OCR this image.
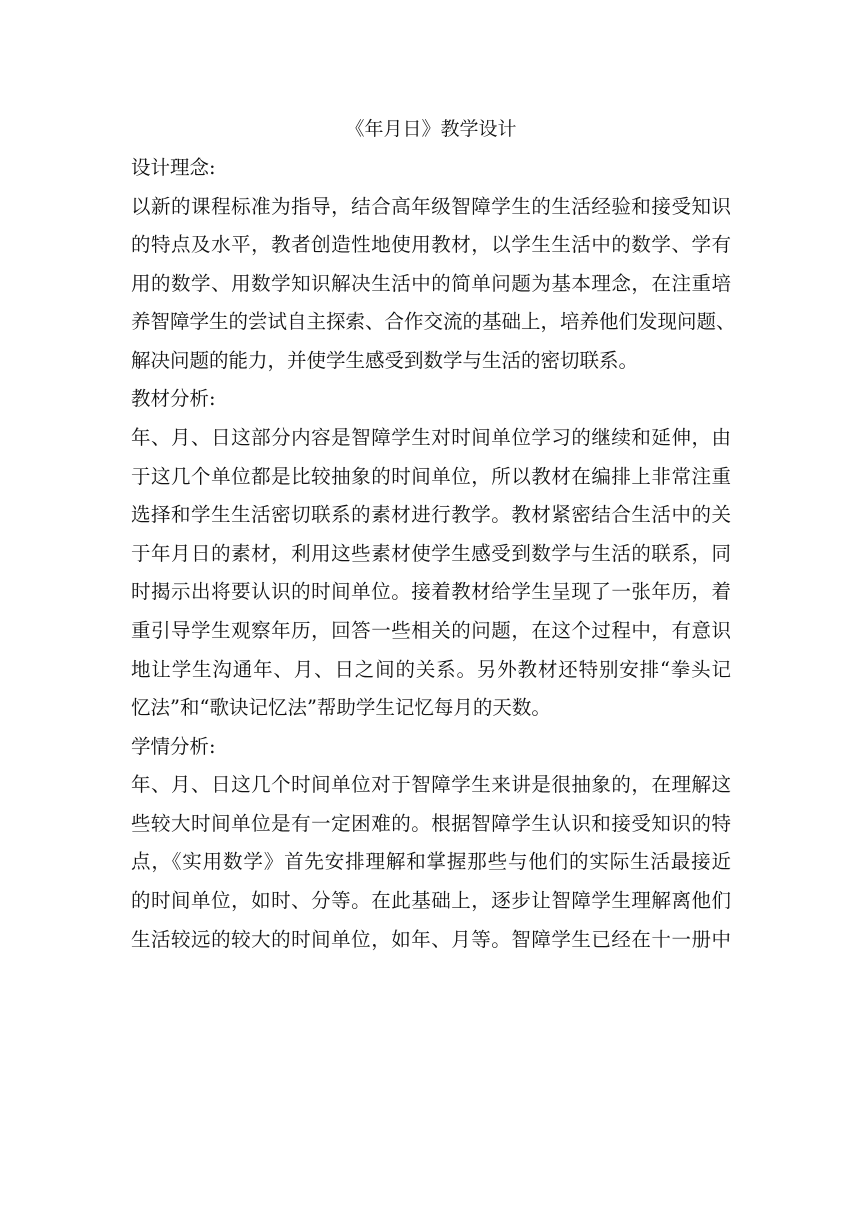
《年月日》教学设计
设计理念:

以新的课程标准为指导，结合高年级智障学生的生活经验和接受知识
的特点及水平，教者创造性地使用教材，以学生生活中的数学、学有
用的数学、用数学知识解决生活中的简单问题为基本理念，在注重培
养智障学生的尝试自主探索、合作交流的基础上，培养他们发现问题、
解决问题的能力，并使学生感受到数学与生活的密切联系。

教材分析:

年、月、日这部分内容是智障学生对时间单位学习的继续和延伸，由
于这几个单位都是比较抽象的时间单位，所以教材在编排上非常注重
选择和学生生活密切联系的素材进行教学。教材紧密结合生活中的关
于年月日的素材，利用这些素材使学生感受到数学与生活的联系，同
时揭示出将要认识的时间单位。接着教材给学生呈现了一张年历，着
重引导学生观察年历，回答一些相关的问题，在这个过程中，有意识
地让学生沟通年、月、日之间的关系。另外教材还特别安排“拳头记
忆法”和“歌诀记忆法”帮助学生记忆每月的天数。

学情分析:

年、月、日这几个时间单位对于智障学生来讲是很抽象的，在理解这
些较大时间单位是有一定困难的。根据智障学生认识和接受知识的特
点，《实用数学》首先安排理解和掌握那些与他们的实际生活最接近
的时间单位，如时、分等。在此基础上，逐步让智障学生理解离他们
生活较远的较大的时间单位，如年、月等。智障学生已经在十一册中
